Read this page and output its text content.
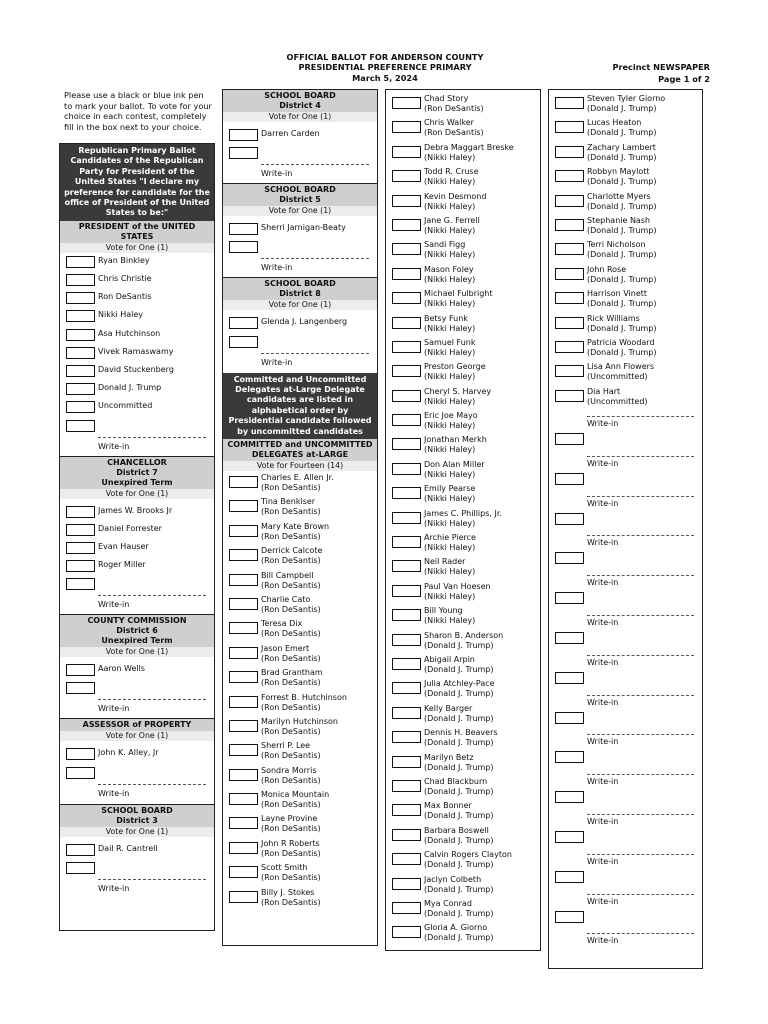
OFFICIAL BALLOT FOR ANDERSON COUNTY
PRESIDENTIAL PREFERENCE PRIMARY
March 5, 2024
Precinct NEWSPAPER
Page 1 of 2
Please use a black or blue ink pen to mark your ballot. To vote for your choice in each contest, completely fill in the box next to your choice.
Republican Primary Ballot Candidates of the Republican Party for President of the United States "I declare my preference for candidate for the office of President of the United States to be:"
PRESIDENT of the UNITED STATES
Vote for One (1)
Ryan Binkley
Chris Christie
Ron DeSantis
Nikki Haley
Asa Hutchinson
Vivek Ramaswamy
David Stuckenberg
Donald J. Trump
Uncommitted
Write-in
CHANCELLOR
District 7
Unexpired Term
Vote for One (1)
James W. Brooks Jr
Daniel Forrester
Evan Hauser
Roger Miller
Write-in
COUNTY COMMISSION
District 6
Unexpired Term
Vote for One (1)
Aaron Wells
Write-in
ASSESSOR of PROPERTY
Vote for One (1)
John K. Alley, Jr
Write-in
SCHOOL BOARD
District 3
Vote for One (1)
Dail R. Cantrell
Write-in
SCHOOL BOARD
District 4
Vote for One (1)
Darren Carden
Write-in
SCHOOL BOARD
District 5
Vote for One (1)
Sherri Jarnigan-Beaty
Write-in
SCHOOL BOARD
District 8
Vote for One (1)
Glenda J. Langenberg
Write-in
Committed and Uncommitted Delegates at-Large Delegate candidates are listed in alphabetical order by Presidential candidate followed by uncommitted candidates
COMMITTED and UNCOMMITTED DELEGATES at-LARGE
Vote for Fourteen (14)
Charles E. Allen Jr.
(Ron DeSantis)
Tina Benkiser
(Ron DeSantis)
Mary Kate Brown
(Ron DeSantis)
Derrick Calcote
(Ron DeSantis)
Bill Campbell
(Ron DeSantis)
Charlie Cato
(Ron DeSantis)
Teresa Dix
(Ron DeSantis)
Jason Emert
(Ron DeSantis)
Brad Grantham
(Ron DeSantis)
Forrest B. Hutchinson
(Ron DeSantis)
Marilyn Hutchinson
(Ron DeSantis)
Sherri P. Lee
(Ron DeSantis)
Sondra Morris
(Ron DeSantis)
Monica Mountain
(Ron DeSantis)
Layne Provine
(Ron DeSantis)
John R Roberts
(Ron DeSantis)
Scott Smith
(Ron DeSantis)
Billy J. Stokes
(Ron DeSantis)
Chad Story
(Ron DeSantis)
Chris Walker
(Ron DeSantis)
Debra Maggart Breske
(Nikki Haley)
Todd R. Cruse
(Nikki Haley)
Kevin Desmond
(Nikki Haley)
Jane G. Ferrell
(Nikki Haley)
Sandi Figg
(Nikki Haley)
Mason Foley
(Nikki Haley)
Michael Fulbright
(Nikki Haley)
Betsy Funk
(Nikki Haley)
Samuel Funk
(Nikki Haley)
Preston George
(Nikki Haley)
Cheryl S. Harvey
(Nikki Haley)
Eric Joe Mayo
(Nikki Haley)
Jonathan Merkh
(Nikki Haley)
Don Alan Miller
(Nikki Haley)
Emily Pearse
(Nikki Haley)
James C. Phillips, Jr.
(Nikki Haley)
Archie Pierce
(Nikki Haley)
Neil Rader
(Nikki Haley)
Paul Van Hoesen
(Nikki Haley)
Bill Young
(Nikki Haley)
Sharon B. Anderson
(Donald J. Trump)
Abigail Arpin
(Donald J. Trump)
Julia Atchley-Pace
(Donald J. Trump)
Kelly Barger
(Donald J. Trump)
Dennis H. Beavers
(Donald J. Trump)
Marilyn Betz
(Donald J. Trump)
Chad Blackburn
(Donald J. Trump)
Max Bonner
(Donald J. Trump)
Barbara Boswell
(Donald J. Trump)
Calvin Rogers Clayton
(Donald J. Trump)
Jaclyn Colbeth
(Donald J. Trump)
Mya Conrad
(Donald J. Trump)
Gloria A. Giorno
(Donald J. Trump)
Steven Tyler Giorno
(Donald J. Trump)
Lucas Heaton
(Donald J. Trump)
Zachary Lambert
(Donald J. Trump)
Robbyn Maylott
(Donald J. Trump)
Charlotte Myers
(Donald J. Trump)
Stephanie Nash
(Donald J. Trump)
Terri Nicholson
(Donald J. Trump)
John Rose
(Donald J. Trump)
Harrison Vinett
(Donald J. Trump)
Rick Williams
(Donald J. Trump)
Patricia Woodard
(Donald J. Trump)
Lisa Ann Flowers
(Uncommitted)
Dia Hart
(Uncommitted)
Write-in
Write-in
Write-in
Write-in
Write-in
Write-in
Write-in
Write-in
Write-in
Write-in
Write-in
Write-in
Write-in
Write-in
